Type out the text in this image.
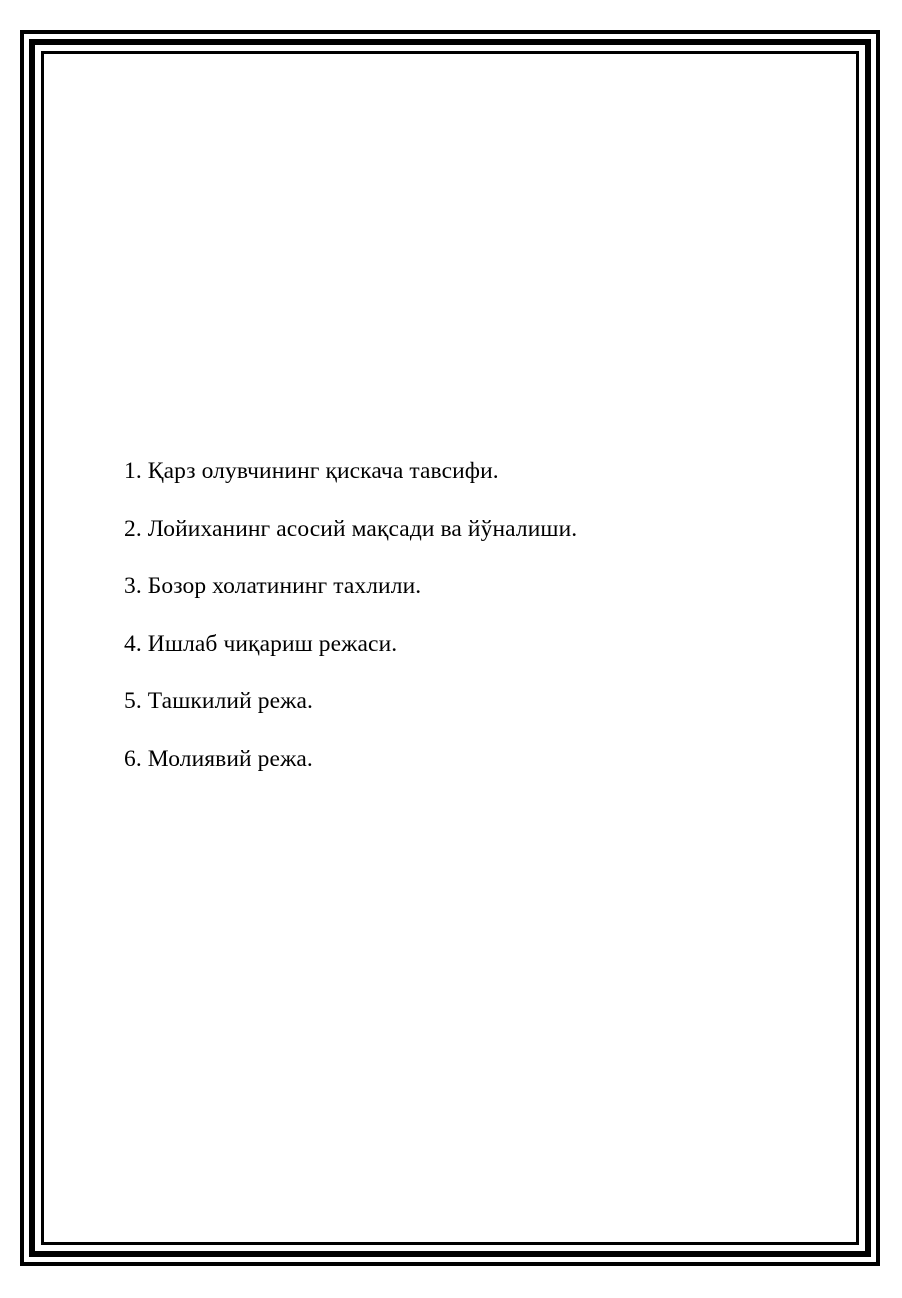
1. Қарз олувчининг қискача тавсифи.

2. Лойиханинг асосий мақсади ва йўналиши.

3. Бозор холатининг тахлили.

4. Ишлаб чиқариш режаси.

5. Ташкилий режа.

6. Молиявий режа.
